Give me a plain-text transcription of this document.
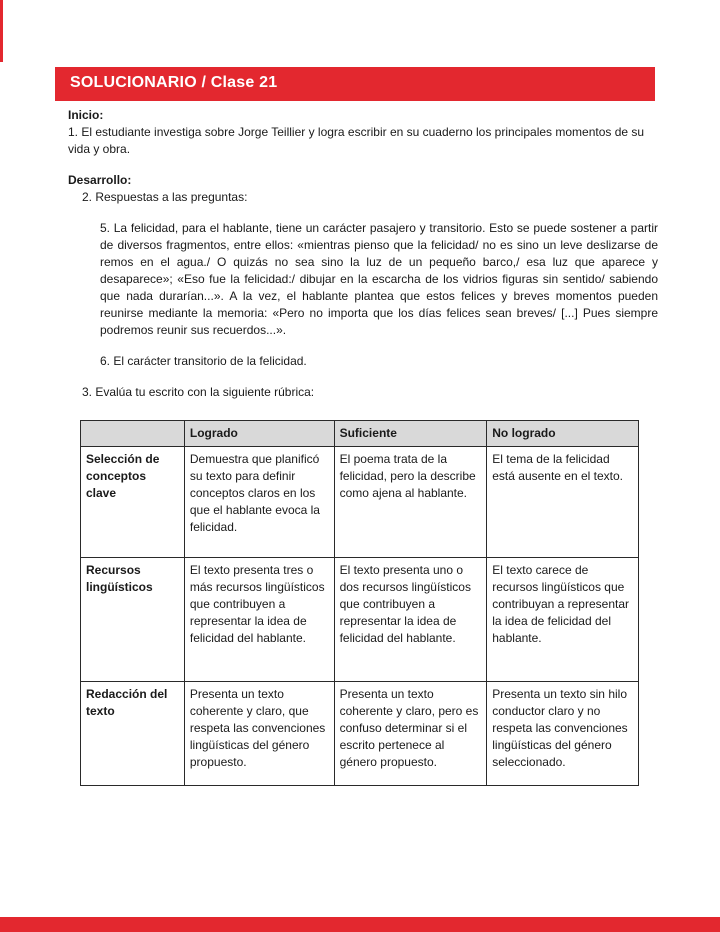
SOLUCIONARIO / Clase 21

Inicio:

1. El estudiante investiga sobre Jorge Teillier y logra escribir en su cuaderno los principales momentos de su vida y obra.

Desarrollo:

2. Respuestas a las preguntas:

5. La felicidad, para el hablante, tiene un carácter pasajero y transitorio. Esto se puede sostener a partir de diversos fragmentos, entre ellos: «mientras pienso que la felicidad/ no es sino un leve deslizarse de remos en el agua./ O quizás no sea sino la luz de un pequeño barco,/ esa luz que aparece y desaparece»; «Eso fue la felicidad:/ dibujar en la escarcha de los vidrios figuras sin sentido/ sabiendo que nada durarían...». A la vez, el hablante plantea que estos felices y breves momentos pueden reunirse mediante la memoria: «Pero no importa que los días felices sean breves/ [...] Pues siempre podremos reunir sus recuerdos...».

6. El carácter transitorio de la felicidad.

3. Evalúa tu escrito con la siguiente rúbrica:

	Logrado	Suficiente	No logrado
Selección de conceptos clave	Demuestra que planificó su texto para definir conceptos claros en los que el hablante evoca la felicidad.	El poema trata de la felicidad, pero la describe como ajena al hablante.	El tema de la felicidad está ausente en el texto.
Recursos lingüísticos	El texto presenta tres o más recursos lingüísticos que contribuyen a representar la idea de felicidad del hablante.	El texto presenta uno o dos recursos lingüísticos que contribuyen a representar la idea de felicidad del hablante.	El texto carece de recursos lingüísticos que contribuyan a representar la idea de felicidad del hablante.
Redacción del texto	Presenta un texto coherente y claro, que respeta las convenciones lingüísticas del género propuesto.	Presenta un texto coherente y claro, pero es confuso determinar si el escrito pertenece al género propuesto.	Presenta un texto sin hilo conductor claro y no respeta las convenciones lingüísticas del género seleccionado.
